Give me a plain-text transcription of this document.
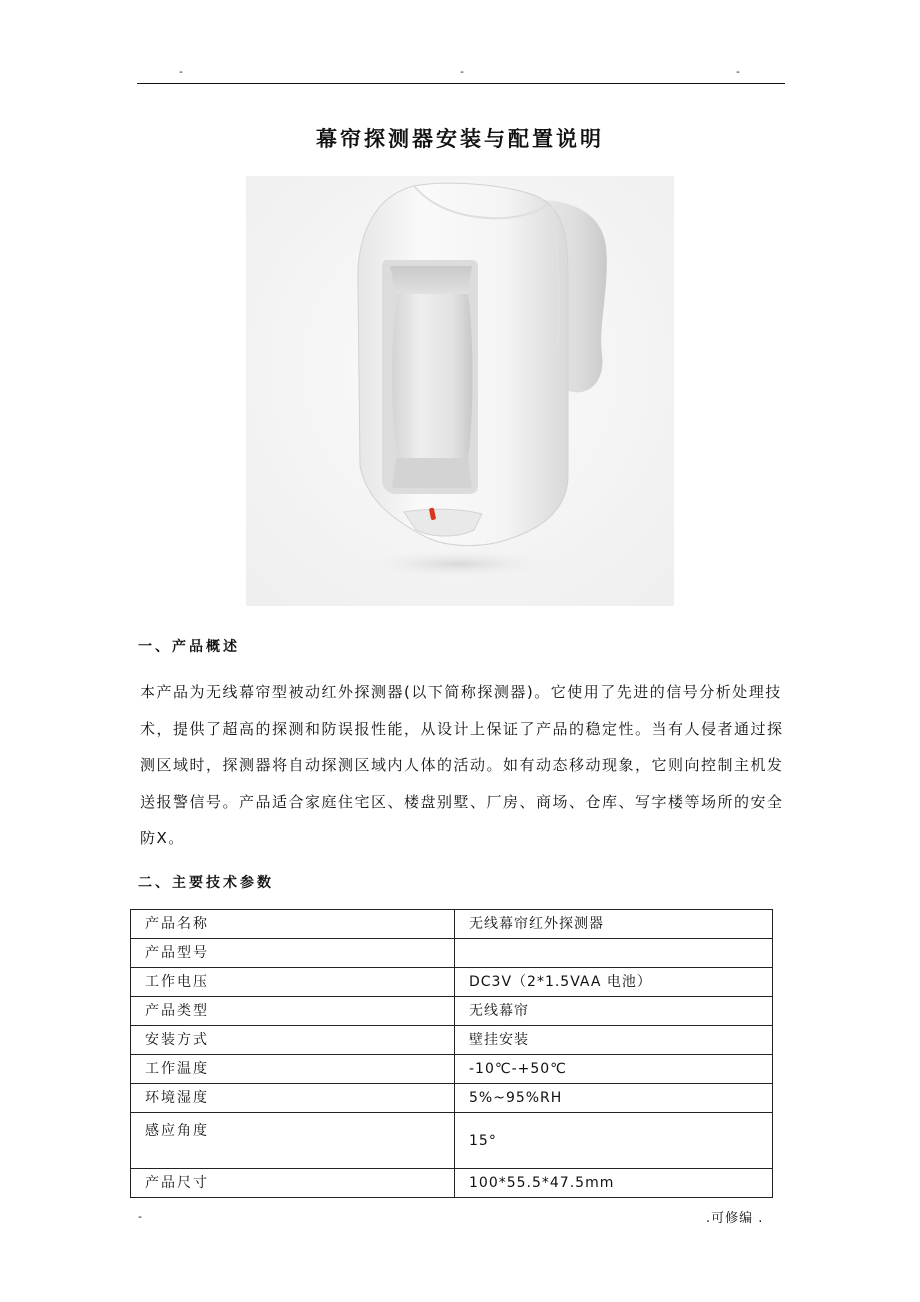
-	-	-
幕帘探测器安装与配置说明
一、产品概述
本产品为无线幕帘型被动红外探测器(以下简称探测器)。它使用了先进的信号分析处理技
术，提供了超高的探测和防误报性能，从设计上保证了产品的稳定性。当有人侵者通过探
测区域时，探测器将自动探测区域内人体的活动。如有动态移动现象，它则向控制主机发
送报警信号。产品适合家庭住宅区、楼盘别墅、厂房、商场、仓库、写字楼等场所的安全
防X。
二、主要技术参数
产品名称	无线幕帘红外探测器
产品型号	
工作电压	DC3V（2*1.5VAA 电池）
产品类型	无线幕帘
安装方式	壁挂安装
工作温度	-10℃-+50℃
环境湿度	5%~95%RH
感应角度	15°
产品尺寸	100*55.5*47.5mm
-	.可修编 .
